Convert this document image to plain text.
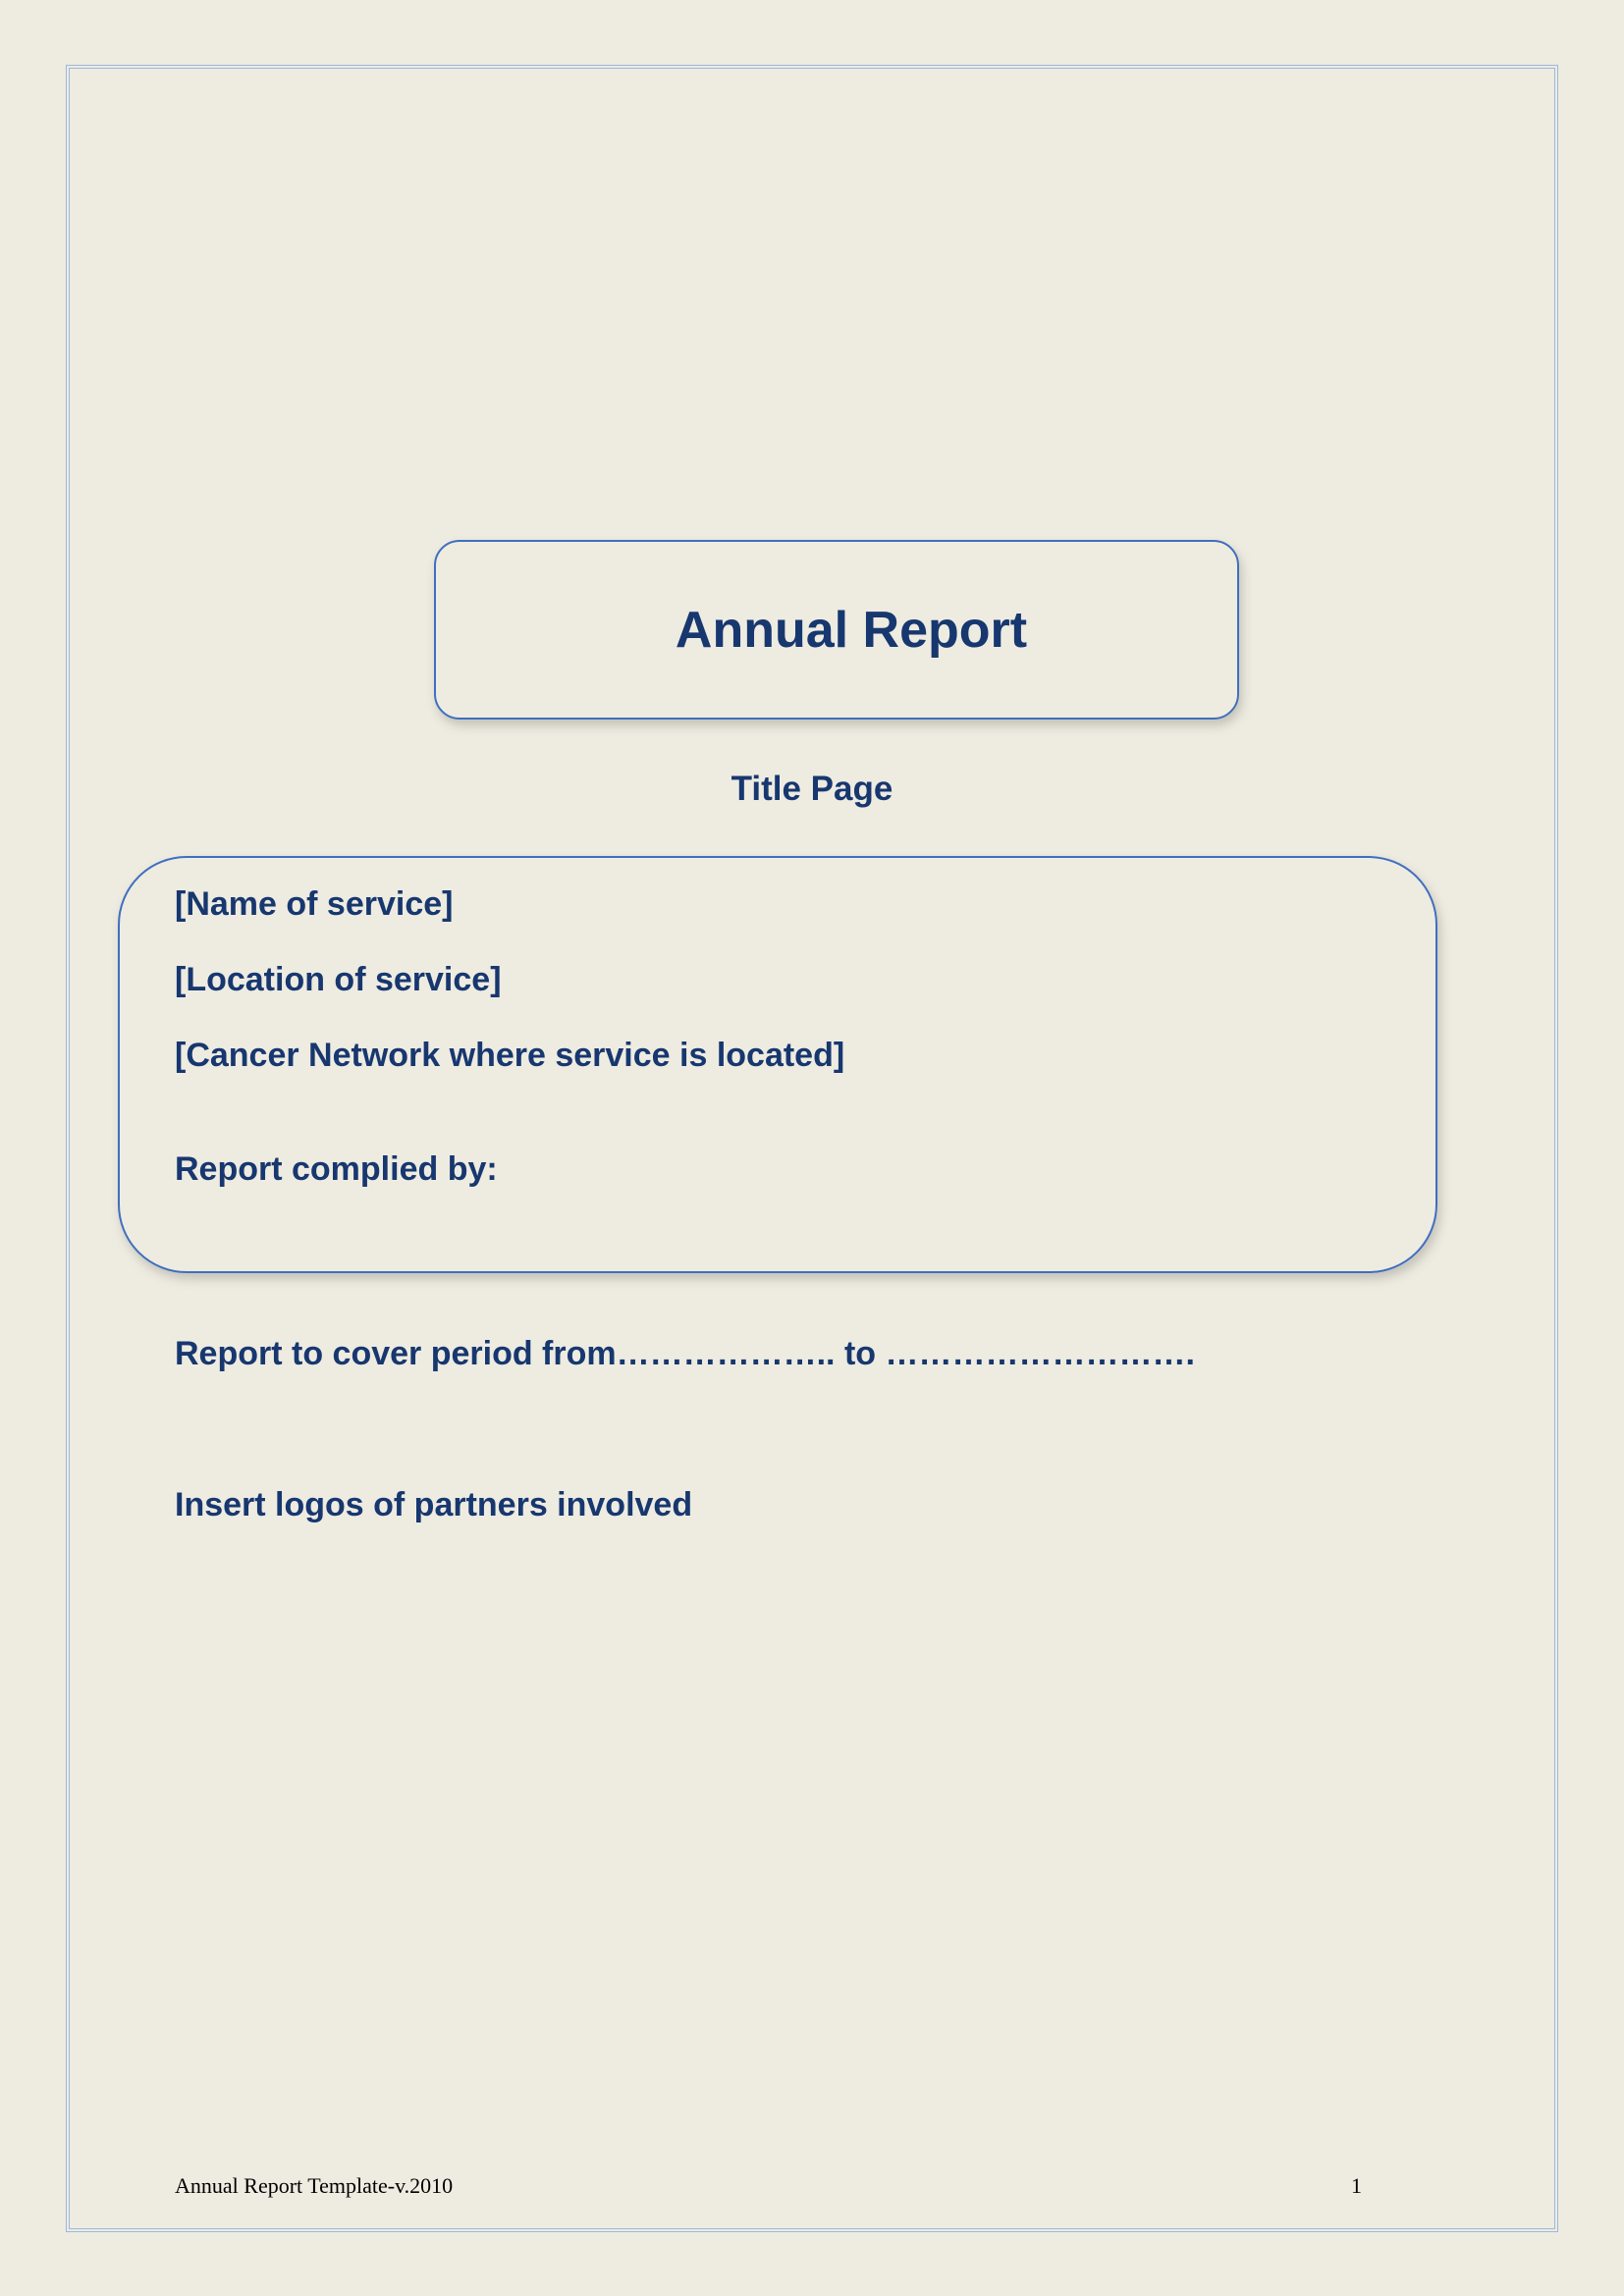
Annual Report
Title Page
[Name of service]
[Location of service]
[Cancer Network where service is located]
Report complied by:
Report to cover period from……………….. to ……………………….
Insert logos of partners involved
Annual Report Template-v.2010	1
